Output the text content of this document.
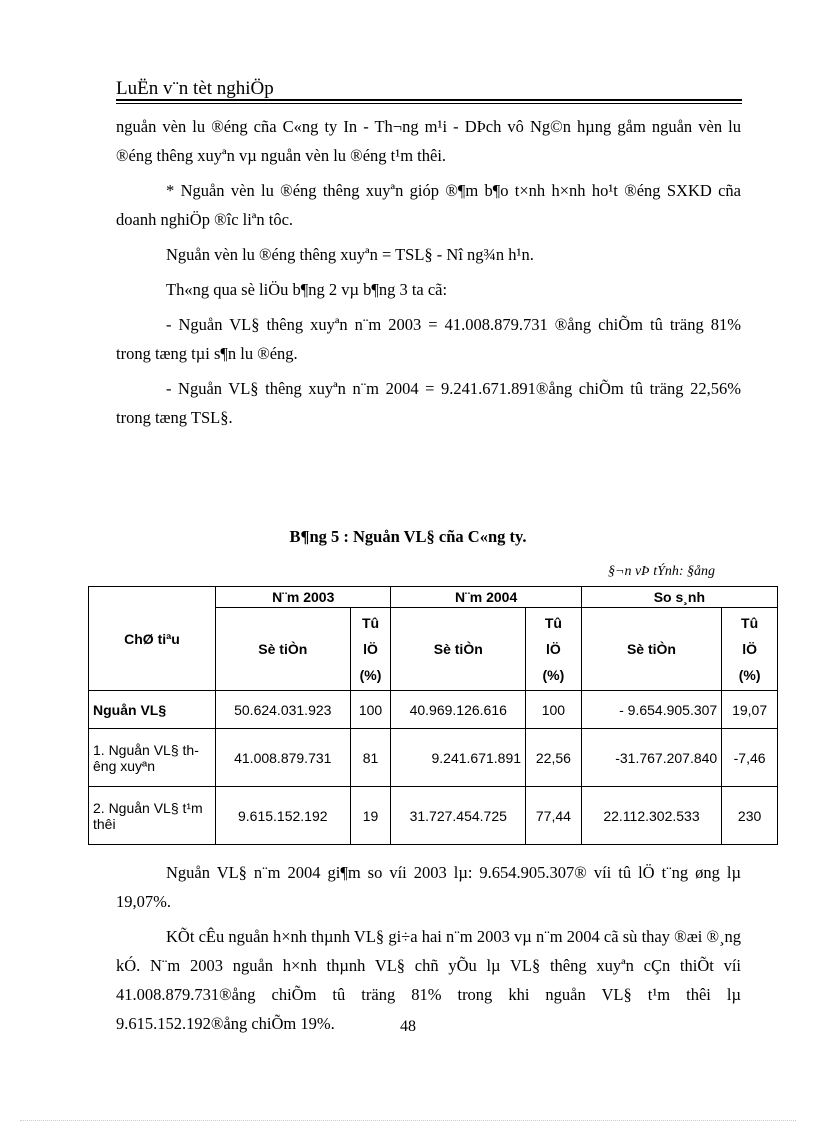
LuËn v¨n tèt nghiÖp

nguån vèn lu ®éng cña C«ng ty In - Th¬ng m¹i - DÞch vô Ng©n hµng gåm nguån vèn lu ®éng thêng xuyªn vµ nguån vèn lu ®éng t¹m thêi.

* Nguån vèn lu ®éng thêng xuyªn gióp ®¶m b¶o t×nh h×nh ho¹t ®éng SXKD cña doanh nghiÖp ®îc liªn tôc.

Nguån vèn lu ®éng thêng xuyªn = TSL§ - Nî ng¾n h¹n.

Th«ng qua sè liÖu b¶ng 2 vµ b¶ng 3 ta cã:

- Nguån VL§ thêng xuyªn n¨m 2003 = 41.008.879.731 ®ång chiÕm tû träng 81% trong tæng tµi s¶n lu ®éng.

- Nguån VL§ thêng xuyªn n¨m 2004 = 9.241.671.891®ång chiÕm tû träng 22,56% trong tæng TSL§.

B¶ng 5 : Nguån VL§ cña C«ng ty.
§¬n vÞ tÝnh: §ång
ChØ tiªu	N¨m 2003		N¨m 2004		So s¸nh	
	Sè tiÒn	Tû
lÖ
(%)	Sè tiÒn	Tû
lÖ
(%)	Sè tiÒn	Tû
lÖ
(%)
Nguån VL§	50.624.031.923	100	40.969.126.616	100	- 9.654.905.307	19,07
1. Nguån VL§ thêng xuyªn	41.008.879.731	81	9.241.671.891	22,56	-31.767.207.840	-7,46
2. Nguån VL§ t¹m thêi	9.615.152.192	19	31.727.454.725	77,44	22.112.302.533	230

Nguån VL§ n¨m 2004 gi¶m so víi 2003 lµ: 9.654.905.307® víi tû lÖ t¨ng øng lµ 19,07%.

KÕt cÊu nguån h×nh thµnh VL§ gi÷a hai n¨m 2003 vµ n¨m 2004 cã sù thay ®æi ®¸ng kÓ. N¨m 2003 nguån h×nh thµnh VL§ chñ yÕu lµ VL§ thêng xuyªn cÇn thiÕt víi 41.008.879.731®ång chiÕm tû träng 81% trong khi nguån VL§ t¹m thêi lµ 9.615.152.192®ång chiÕm 19%.	48
